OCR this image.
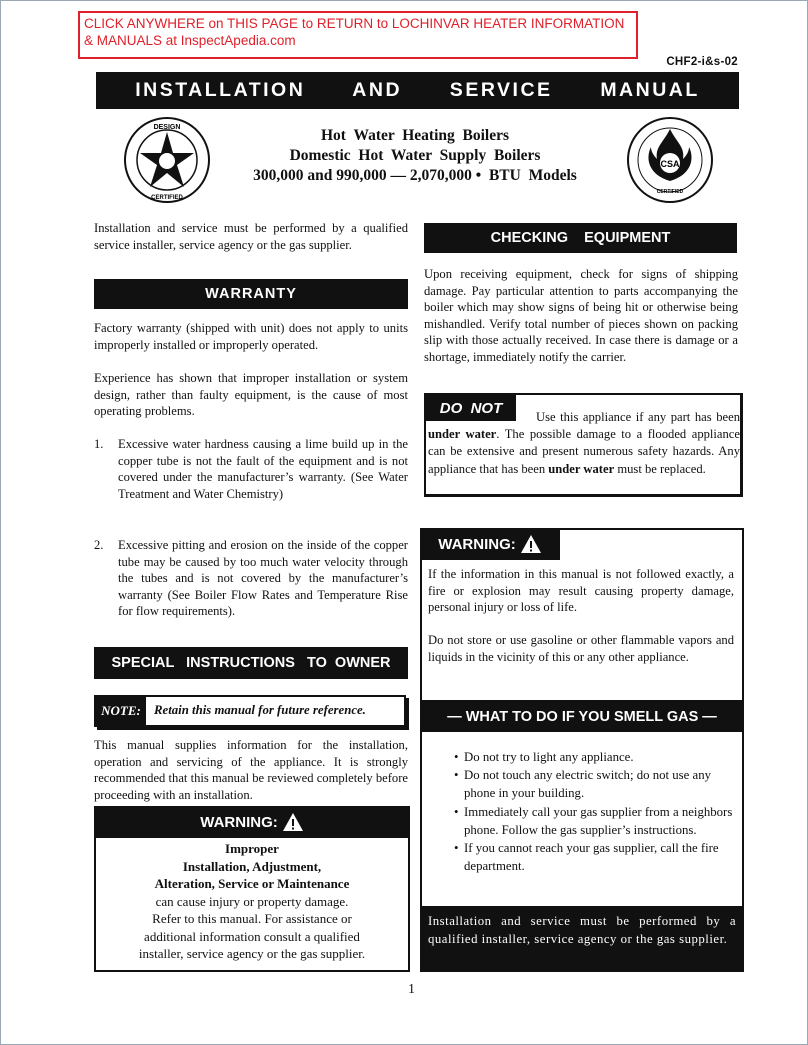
CLICK ANYWHERE on THIS PAGE to RETURN to LOCHINVAR HEATER INFORMATION & MANUALS at InspectApedia.com
CHF2-i&s-02
INSTALLATION   AND   SERVICE   MANUAL
DESIGN
CERTIFIED
Hot  Water  Heating  Boilers
Domestic  Hot  Water  Supply  Boilers
300,000 and 990,000 — 2,070,000 •  BTU  Models
CSA
CERTIFIED
Installation and service must be performed by a qualified service installer, service agency or the gas supplier.
WARRANTY
Factory warranty (shipped with unit) does not apply to units improperly installed or improperly operated.
Experience has shown that improper installation or system design, rather than faulty equipment, is the cause of most operating problems.
1. Excessive water hardness causing a lime build up in the copper tube is not the fault of the equipment and is not covered under the manufacturer’s warranty. (See Water Treatment and Water Chemistry)
2. Excessive pitting and erosion on the inside of the copper tube may be caused by too much water velocity through the tubes and is not covered by the manufacturer’s warranty (See Boiler Flow Rates and Temperature Rise for flow requirements).
SPECIAL   INSTRUCTIONS   TO  OWNER
NOTE:	Retain this manual for future reference.
This manual supplies information for the installation, operation and servicing of the appliance. It is strongly recommended that this manual be reviewed completely before proceeding with an installation.
WARNING:
Improper
Installation, Adjustment,
Alteration, Service or Maintenance
can cause injury or property damage.
Refer to this manual. For assistance or
additional information consult a qualified
installer, service agency or the gas supplier.
CHECKING    EQUIPMENT
Upon receiving equipment, check for signs of shipping damage. Pay particular attention to parts accompanying the boiler which may show signs of being hit or otherwise being mishandled. Verify total number of pieces shown on packing slip with those actually received. In case there is damage or a shortage, immediately notify the carrier.
DO  NOT
Use this appliance if any part has been under water. The possible damage to a flooded appliance can be extensive and present numerous safety hazards. Any appliance that has been under water must be replaced.
WARNING:
If the information in this manual is not followed exactly, a fire or explosion may result causing property damage, personal injury or loss of life.
Do not store or use gasoline or other flammable vapors and liquids in the vicinity of this or any other appliance.
— WHAT TO DO IF YOU SMELL GAS —
• Do not try to light any appliance.
• Do not touch any electric switch; do not use any phone in your building.
• Immediately call your gas supplier from a neighbors phone. Follow the gas supplier’s instructions.
• If you cannot reach your gas supplier, call the fire department.
Installation and service must be performed by a qualified installer, service agency or the gas supplier.
1
